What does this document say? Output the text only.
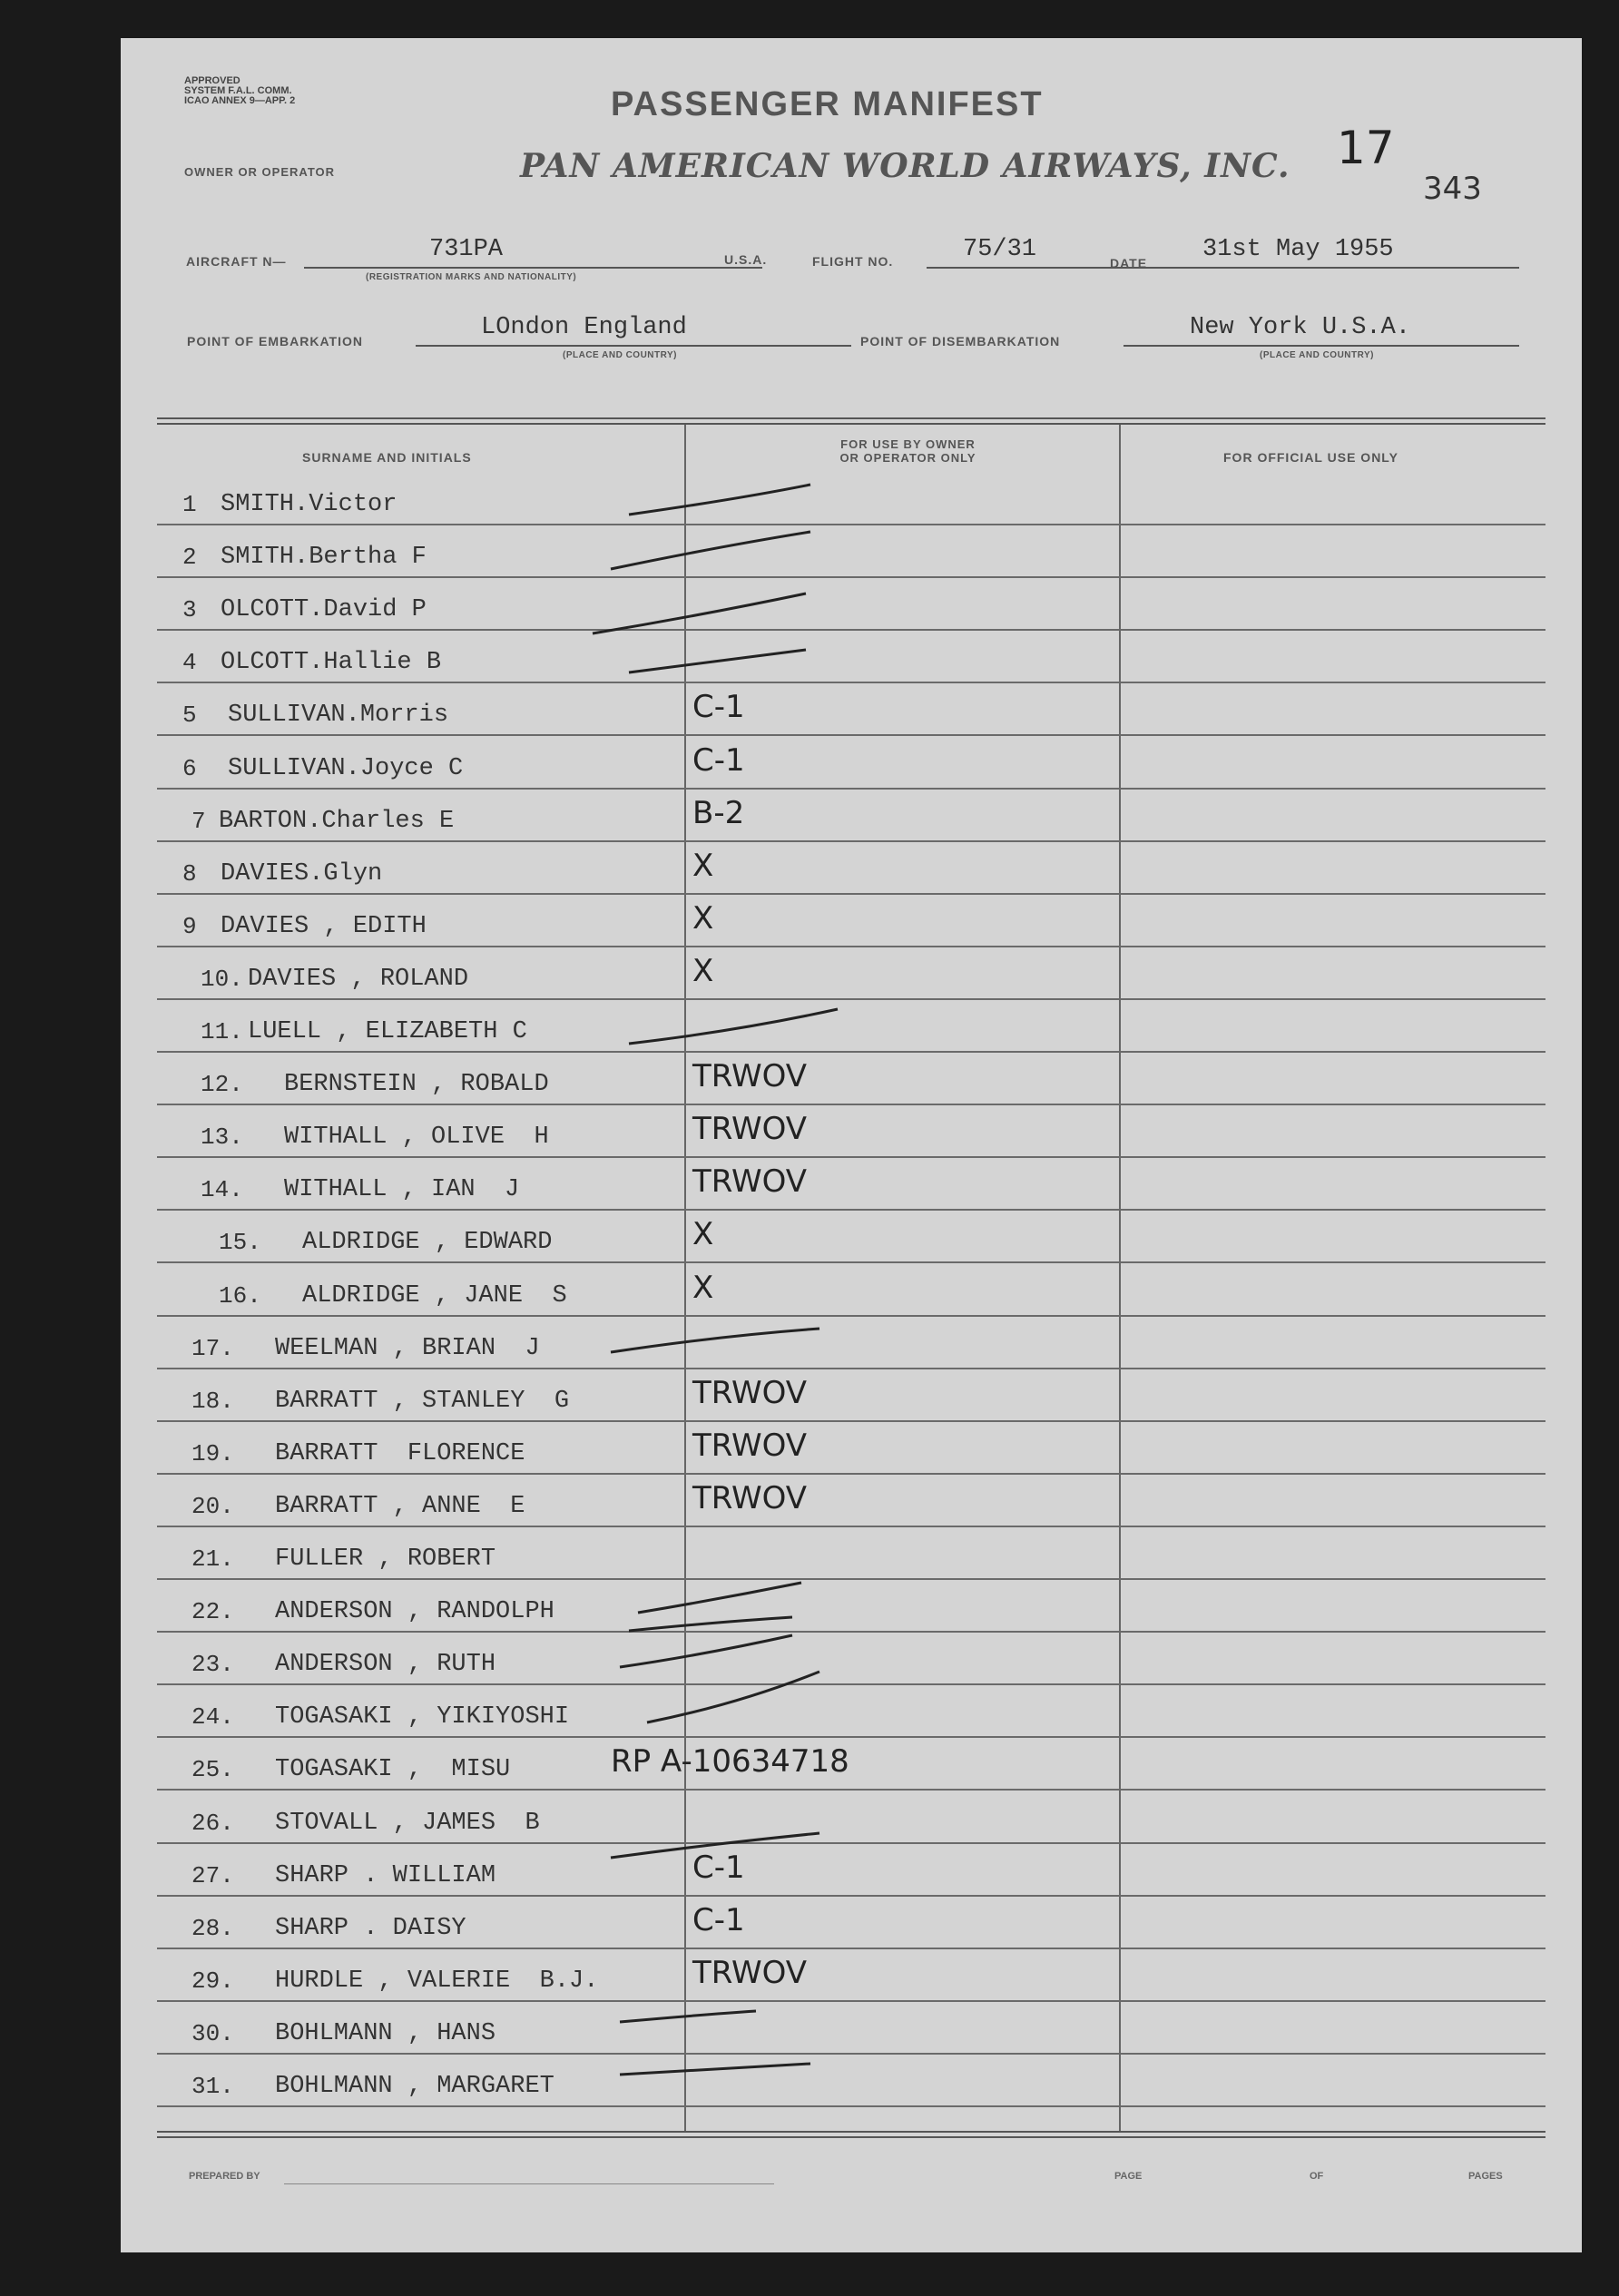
APPROVED
SYSTEM F.A.L. COMM.
ICAO ANNEX 9—APP. 2	PASSENGER MANIFEST
OWNER OR OPERATOR	PAN AMERICAN WORLD AIRWAYS, INC. 17
343
AIRCRAFT N—	731PA
(REGISTRATION MARKS AND NATIONALITY)
U.S.A.	FLIGHT NO.	75/31	DATE 31st May 1955
POINT OF EMBARKATION	LOndon England
(PLACE AND COUNTRY)
POINT OF DISEMBARKATION	New York U.S.A.
(PLACE AND COUNTRY)
SURNAME AND INITIALS
FOR USE BY OWNER
OR OPERATOR ONLY	FOR OFFICIAL USE ONLY
1 SMITH.Victor
2 SMITH.Bertha F
3 OLCOTT.David P
4 OLCOTT.Hallie B
5 SULLIVAN.Morris	C-1
6 SULLIVAN.Joyce C	C-1
7 BARTON.Charles E	B-2
8 DAVIES.Glyn	X
9 DAVIES , EDITH	X
10. DAVIES , ROLAND	X
11. LUELL , ELIZABETH C
12. BERNSTEIN , ROBALD	TRWOV
13. WITHALL , OLIVE  H	TRWOV
14. WITHALL , IAN  J	TRWOV
15. ALDRIDGE , EDWARD	X
16. ALDRIDGE , JANE  S	X
17. WEELMAN , BRIAN  J
18. BARRATT , STANLEY  G	TRWOV
19. BARRATT  FLORENCE	TRWOV
20. BARRATT , ANNE  E	TRWOV
21. FULLER , ROBERT
22. ANDERSON , RANDOLPH
23. ANDERSON , RUTH
24. TOGASAKI , YIKIYOSHI
25. TOGASAKI ,  MISU	RP A-10634718
26. STOVALL , JAMES  B
27. SHARP . WILLIAM	C-1
28. SHARP . DAISY	C-1
29. HURDLE , VALERIE  B.J.	TRWOV
30. BOHLMANN , HANS
31. BOHLMANN , MARGARET
PREPARED BY	PAGE	OF	PAGES
